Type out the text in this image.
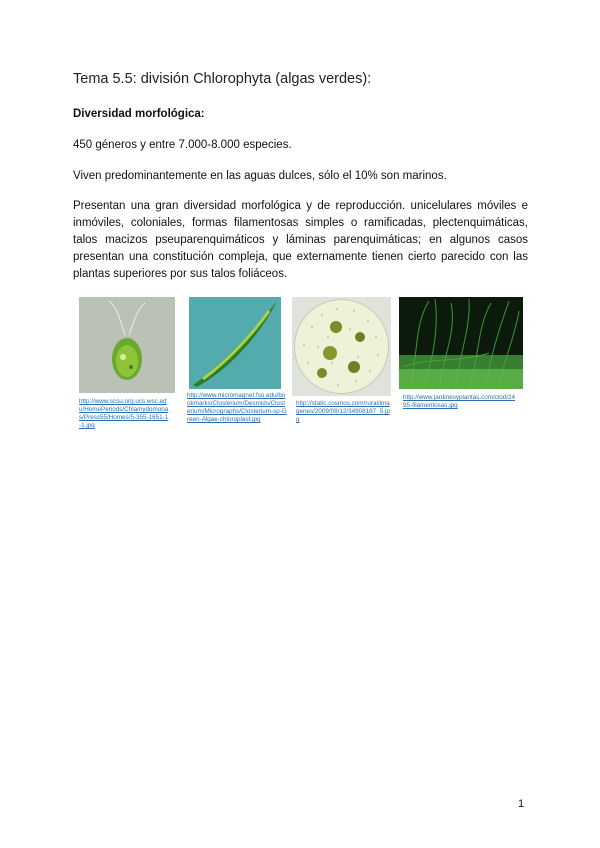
Tema 5.5: división Chlorophyta (algas verdes):
Diversidad morfológica:
450 géneros y entre 7.000-8.000 especies.
Viven predominantemente en las aguas dulces, sólo el 10% son marinos.
Presentan una gran diversidad morfológica y de reproducción. unicelulares móviles e inmóviles, coloniales, formas filamentosas simples o ramificadas, plectenquimáticas, talos macizos pseuparenquimáticos y láminas parenquimáticas; en algunos casos presentan una constitución compleja, que externamente tienen cierto parecido con las plantas superiores por sus talos foliáceos.
http://www.scsu.org.ucs.wsc.edu/HomePeriods/Chlamydomonas/Press55/Homes/5-355-1651-1-1.jpg
http://www.micromagnet.fsu.edu/bookmarks/Closterium/Desmids/Closterium/Micrographs/Closterium-sp-Green-Algae-chloroplast.jpg
http://static.cosmos.com/rural/imagenes/2009/08/12/34908187_5.jpg
http://www.jardinesyplantas.com/clod/2495-filamentosas.jpg
1
